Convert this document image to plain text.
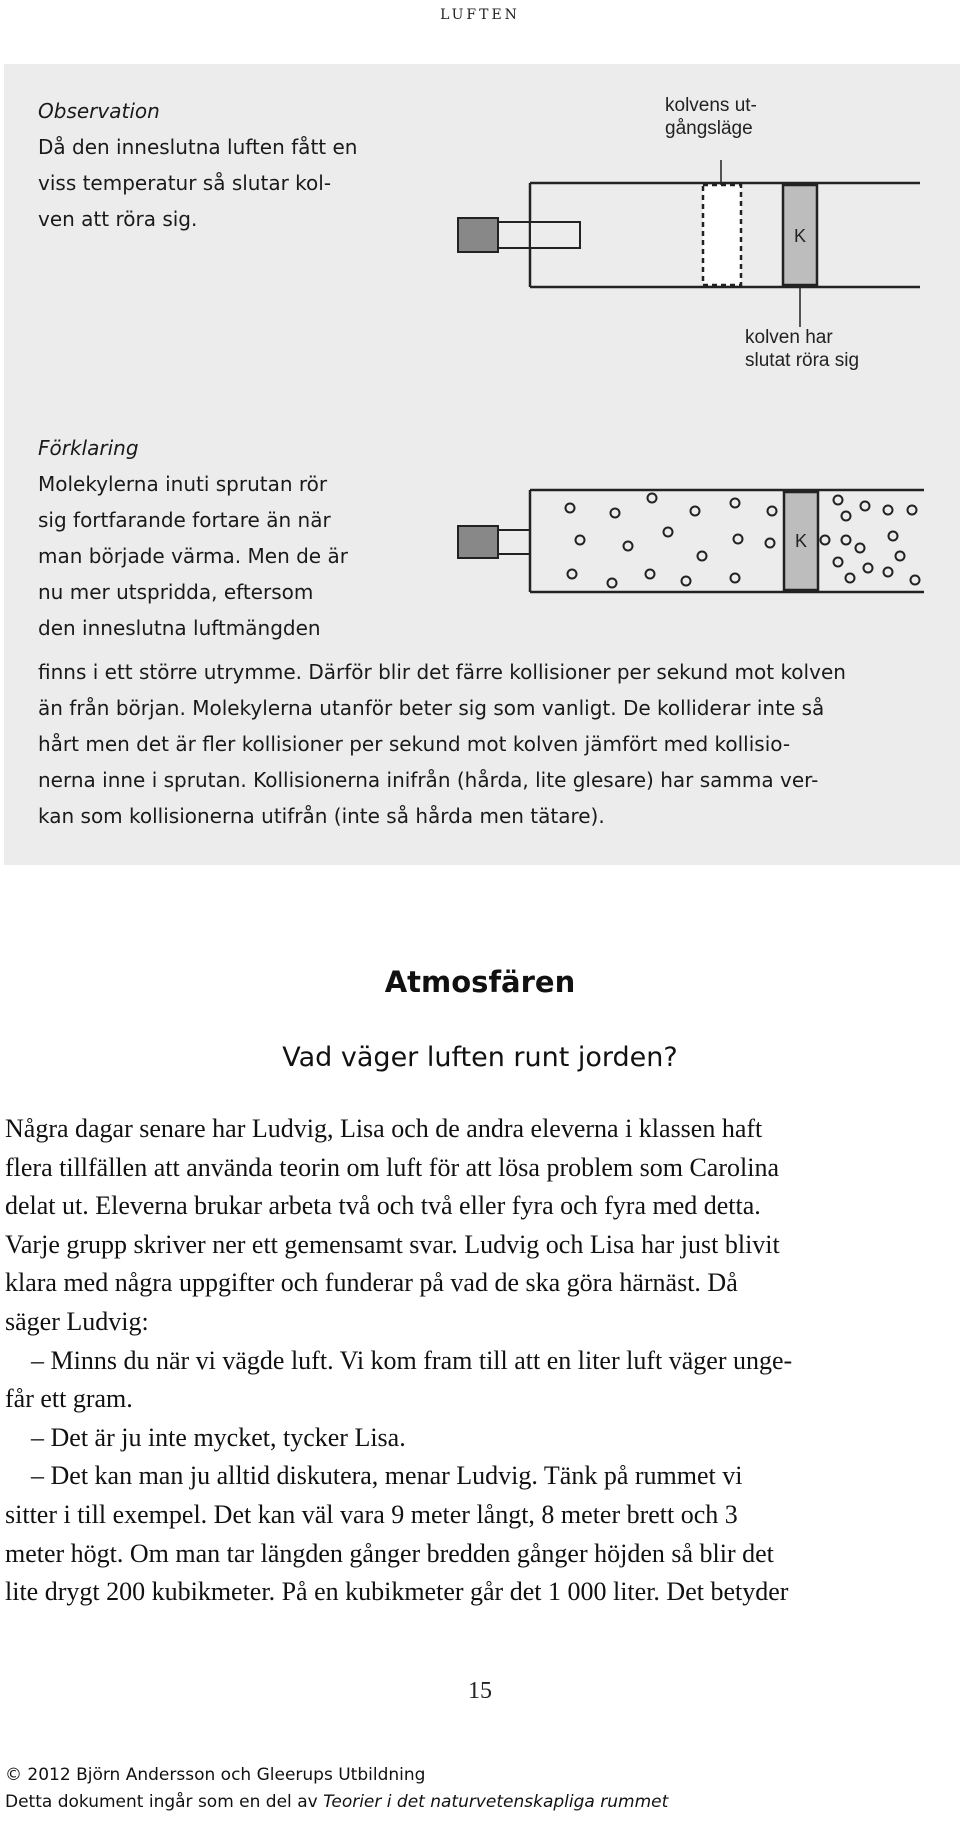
luften
Observation
Då den inneslutna luften fått en
viss temperatur så slutar kol-
ven att röra sig.
kolvens ut-
gångsläge
kolven har
slutat röra sig
K
Förklaring
Molekylerna inuti sprutan rör
sig fortfarande fortare än när
man började värma. Men de är
nu mer utspridda, eftersom
den inneslutna luftmängden
K
finns i ett större utrymme. Därför blir det färre kollisioner per sekund mot kolven
än från början. Molekylerna utanför beter sig som vanligt. De kolliderar inte så
hårt men det är fler kollisioner per sekund mot kolven jämfört med kollisio-
nerna inne i sprutan. Kollisionerna inifrån (hårda, lite glesare) har samma ver-
kan som kollisionerna utifrån (inte så hårda men tätare).
Atmosfären
Vad väger luften runt jorden?
Några dagar senare har Ludvig, Lisa och de andra eleverna i klassen haft
flera tillfällen att använda teorin om luft för att lösa problem som Carolina
delat ut. Eleverna brukar arbeta två och två eller fyra och fyra med detta.
Varje grupp skriver ner ett gemensamt svar. Ludvig och Lisa har just blivit
klara med några uppgifter och funderar på vad de ska göra härnäst. Då
säger Ludvig:
– Minns du när vi vägde luft. Vi kom fram till att en liter luft väger unge-
får ett gram.
– Det är ju inte mycket, tycker Lisa.
– Det kan man ju alltid diskutera, menar Ludvig. Tänk på rummet vi
sitter i till exempel. Det kan väl vara 9 meter långt, 8 meter brett och 3
meter högt. Om man tar längden gånger bredden gånger höjden så blir det
lite drygt 200 kubikmeter. På en kubikmeter går det 1 000 liter. Det betyder
15
© 2012 Björn Andersson och Gleerups Utbildning
Detta dokument ingår som en del av Teorier i det naturvetenskapliga rummet
